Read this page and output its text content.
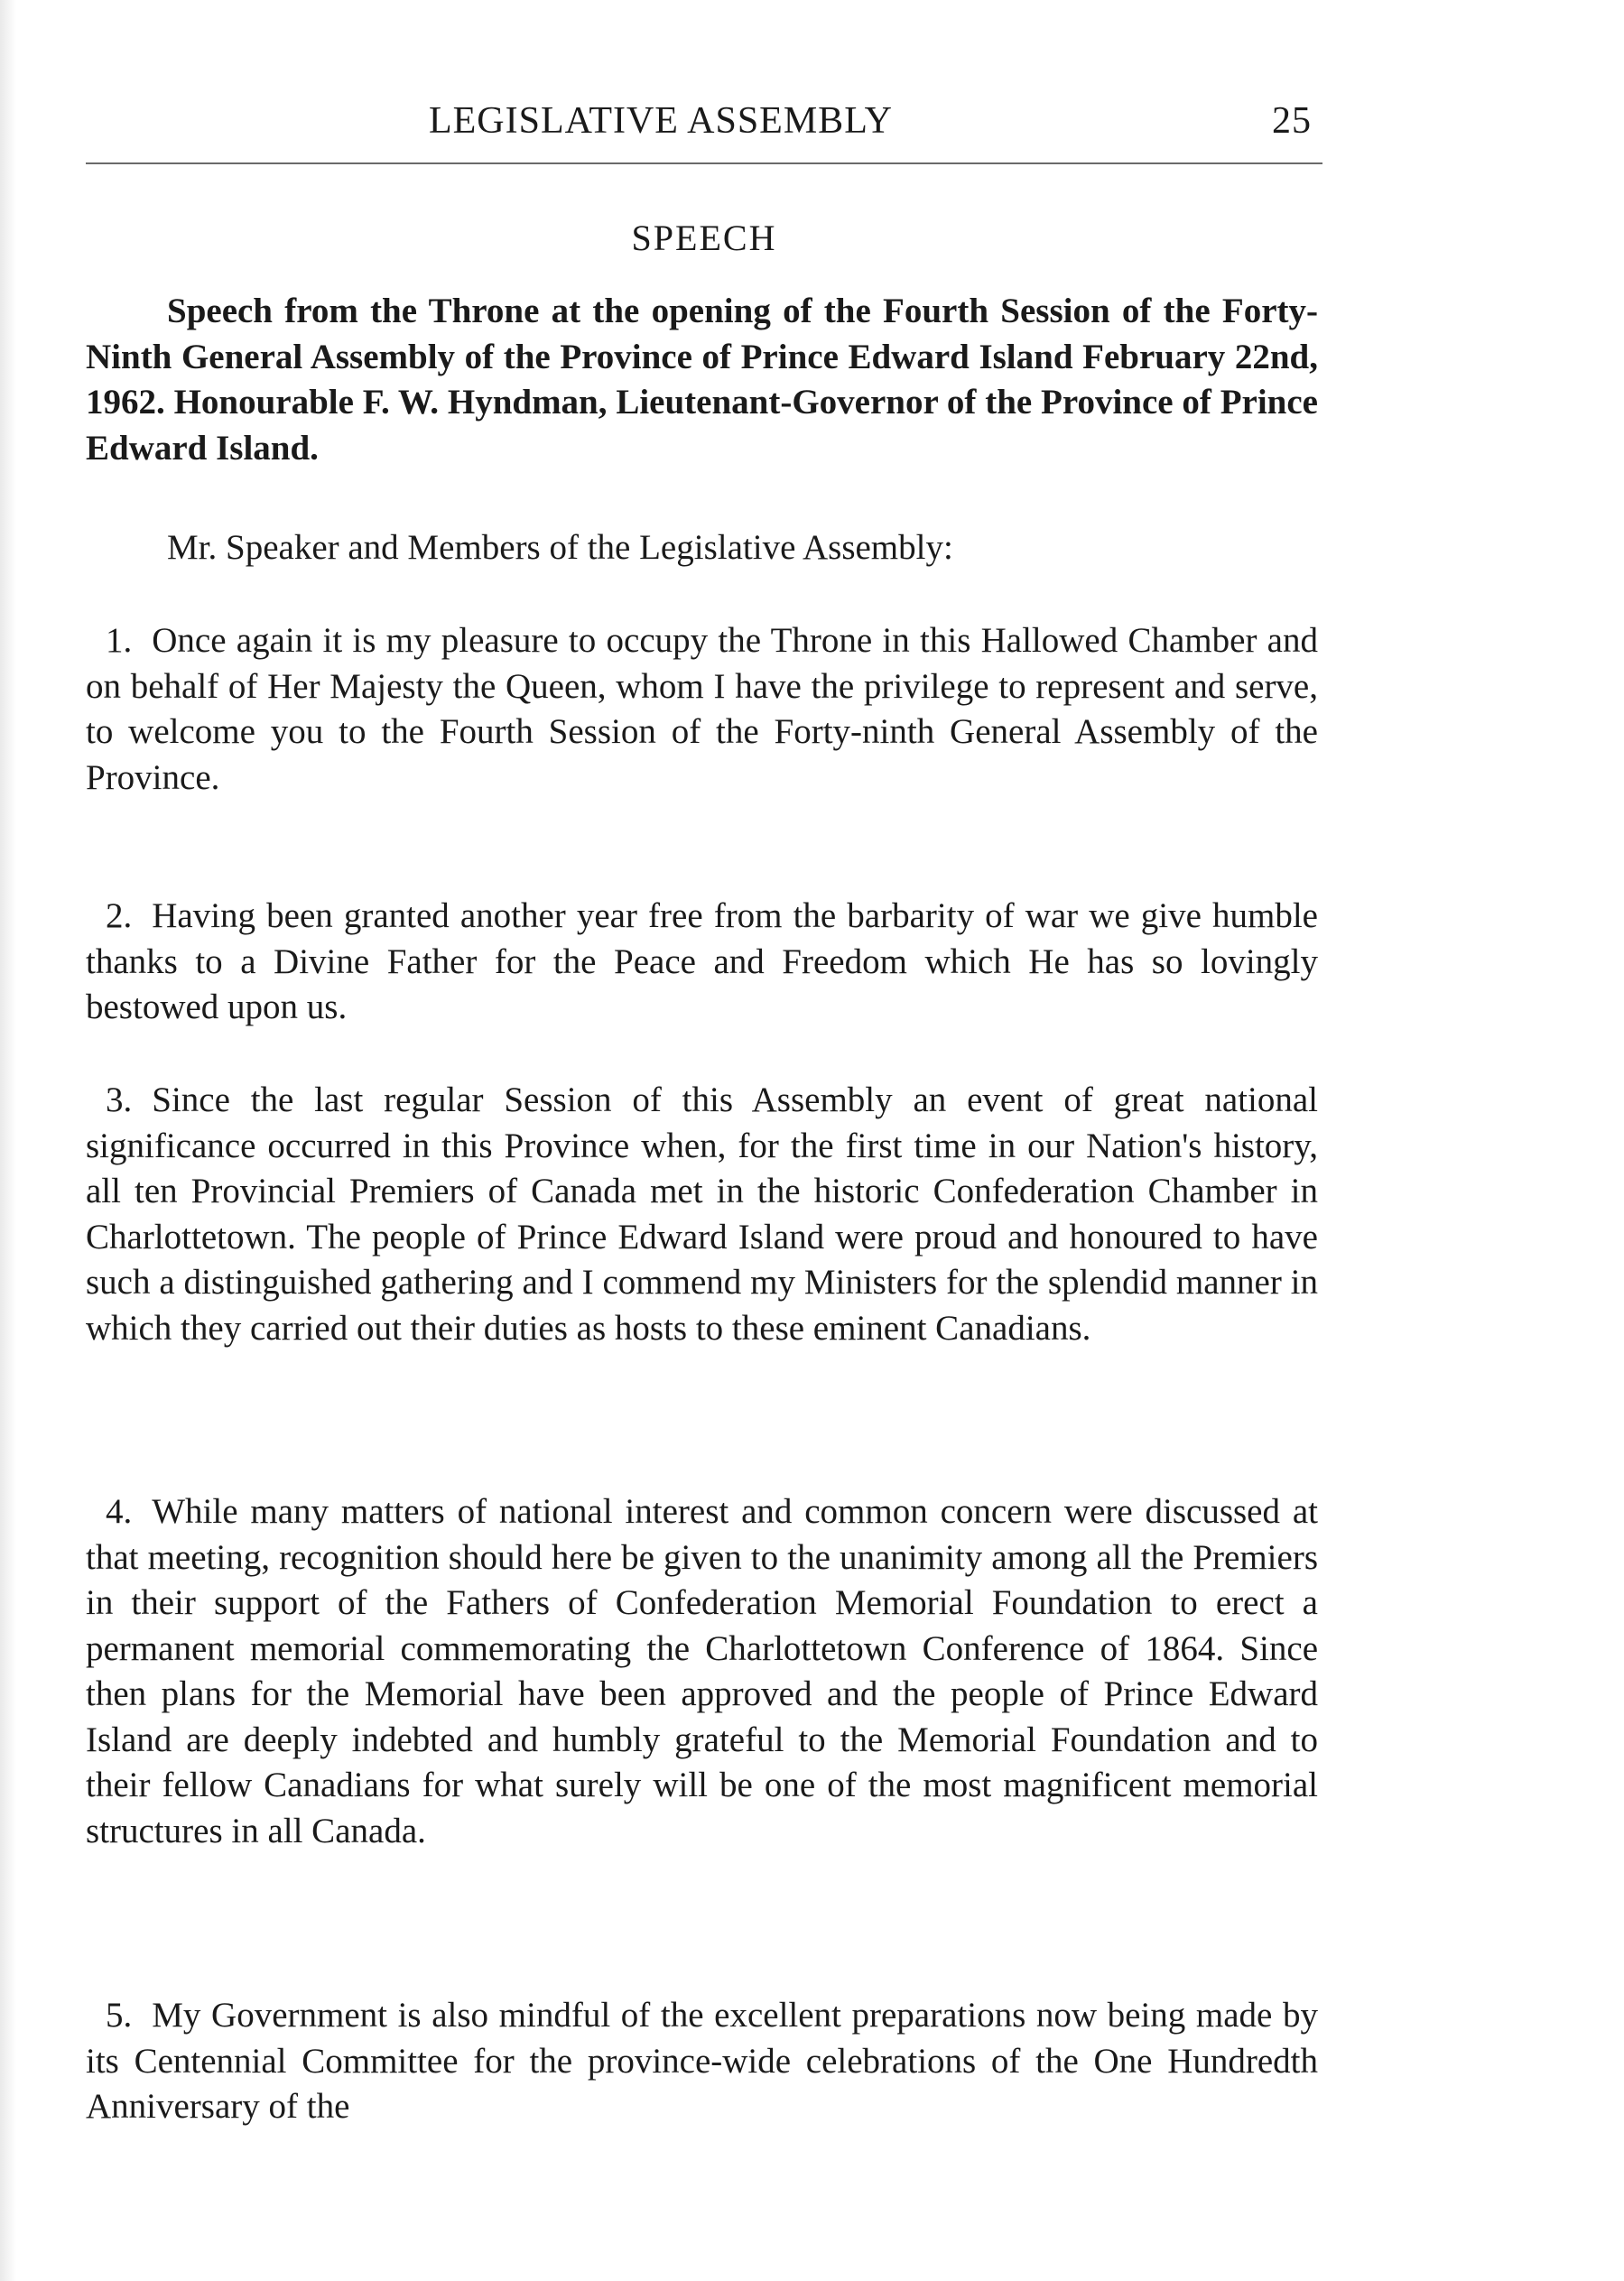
LEGISLATIVE ASSEMBLY	25
SPEECH
Speech from the Throne at the opening of the Fourth Session of the Forty-Ninth General Assembly of the Province of Prince Edward Island February 22nd, 1962. Honourable F. W. Hyndman, Lieutenant-Governor of the Province of Prince Edward Island.
Mr. Speaker and Members of the Legislative Assembly:
1. Once again it is my pleasure to occupy the Throne in this Hallowed Chamber and on behalf of Her Majesty the Queen, whom I have the privilege to represent and serve, to welcome you to the Fourth Session of the Forty-ninth General Assembly of the Province.
2. Having been granted another year free from the barbarity of war we give humble thanks to a Divine Father for the Peace and Freedom which He has so lovingly bestowed upon us.
3. Since the last regular Session of this Assembly an event of great national significance occurred in this Province when, for the first time in our Nation's history, all ten Provincial Premiers of Canada met in the historic Confederation Chamber in Charlottetown. The people of Prince Edward Island were proud and honoured to have such a distinguished gathering and I commend my Ministers for the splendid manner in which they carried out their duties as hosts to these eminent Canadians.
4. While many matters of national interest and common concern were discussed at that meeting, recognition should here be given to the unanimity among all the Premiers in their support of the Fathers of Confederation Memorial Foundation to erect a permanent memorial commemorating the Charlottetown Conference of 1864. Since then plans for the Memorial have been approved and the people of Prince Edward Island are deeply indebted and humbly grateful to the Memorial Foundation and to their fellow Canadians for what surely will be one of the most magnificent memorial structures in all Canada.
5. My Government is also mindful of the excellent preparations now being made by its Centennial Committee for the province-wide celebrations of the One Hundredth Anniversary of the
